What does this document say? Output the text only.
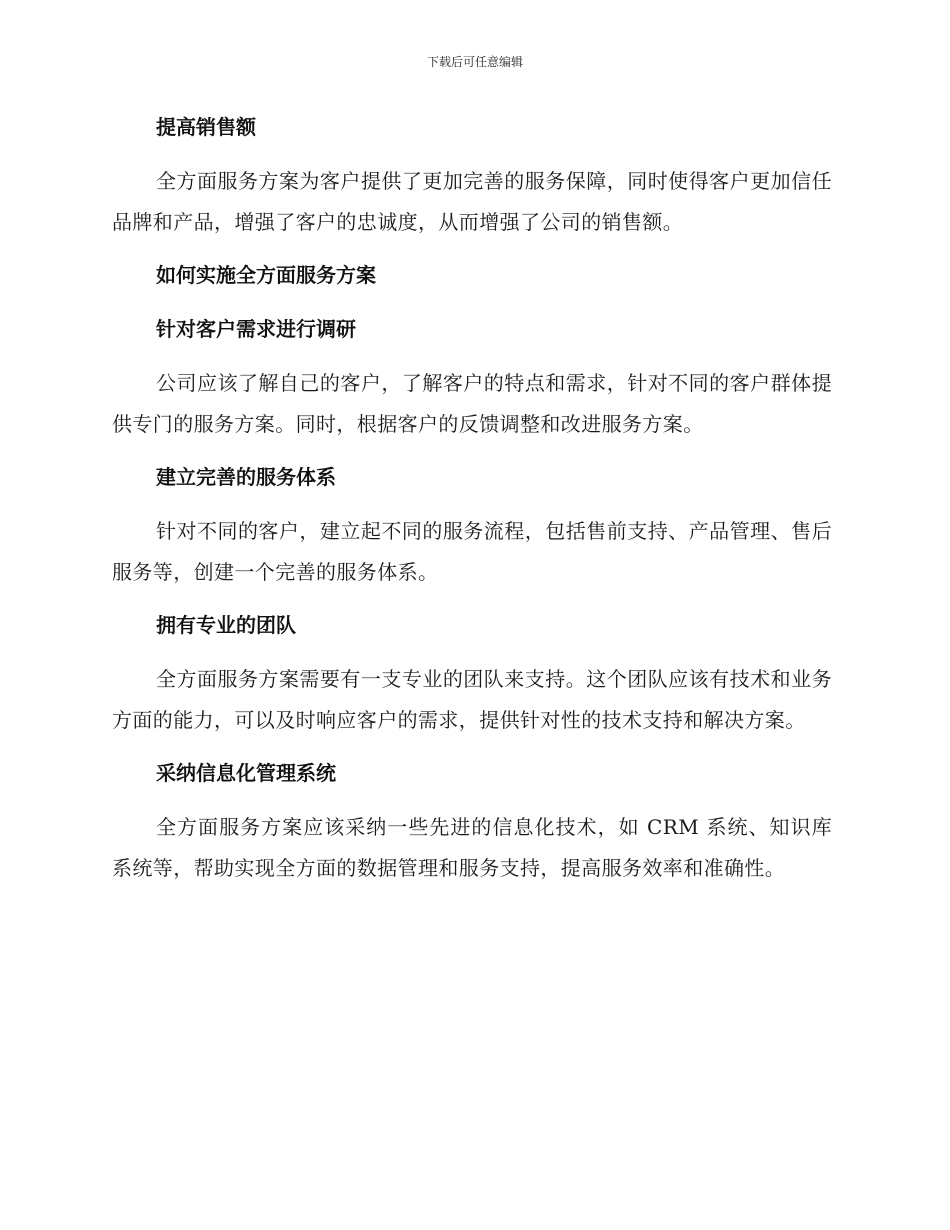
下载后可任意编辑
提高销售额

全方面服务方案为客户提供了更加完善的服务保障，同时使得客户更加信任品牌和产品，增强了客户的忠诚度，从而增强了公司的销售额。

如何实施全方面服务方案
针对客户需求进行调研

公司应该了解自己的客户，了解客户的特点和需求，针对不同的客户群体提供专门的服务方案。同时，根据客户的反馈调整和改进服务方案。

建立完善的服务体系

针对不同的客户，建立起不同的服务流程，包括售前支持、产品管理、售后服务等，创建一个完善的服务体系。

拥有专业的团队

全方面服务方案需要有一支专业的团队来支持。这个团队应该有技术和业务方面的能力，可以及时响应客户的需求，提供针对性的技术支持和解决方案。

采纳信息化管理系统

全方面服务方案应该采纳一些先进的信息化技术，如 CRM 系统、知识库系统等，帮助实现全方面的数据管理和服务支持，提高服务效率和准确性。
